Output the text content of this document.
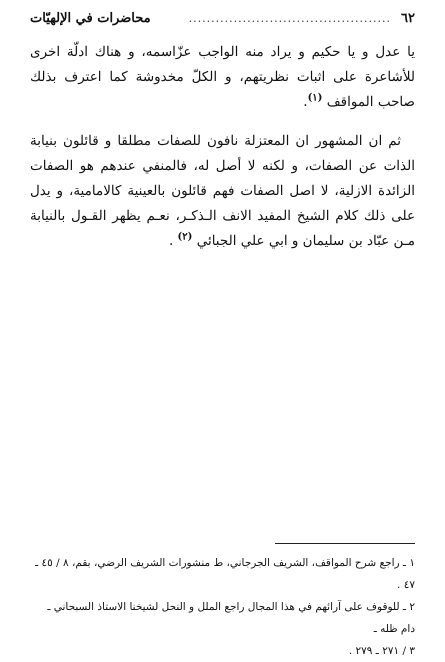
٦٢
.............................................
محاضرات في الإلهيّات

يا عدل و يا حكيم و يراد منه الواجب عزّاسمه، و هناك ادلّة اخرى للأشاعرة على اثبات نظريتهم، و الكلّ مخدوشة كما اعترف بذلك صاحب المواقف $^{(١)}$.

ثم ان المشهور ان المعتزلة نافون للصفات مطلقا و قائلون بنيابة الذات عن الصفات، و لكنه لا أصل له، فالمنفي عندهم هو الصفات الزائدة الازلية، لا اصل الصفات فهم قائلون بالعينية كالامامية، و يدل على ذلك كلام الشيخ المفيد الانف الـذكـر، نعـم يظهر القـول بالنيابة مـن عبّاد بن سليمان و ابي علي الجبائي $^{(٢)}$ .

١ ـ راجع شرح المواقف، الشريف الجرجاني، ط منشورات الشريف الرضي، بقم، ٨ / ٤٥ ـ ٤٧ .

٢ ـ للوقوف على آرائهم في هذا المجال راجع الملل و النحل لشيخنا الاستاذ السبحاني ـ دام ظله ـ

٣ / ٢٧١ ـ ٢٧٩ .
